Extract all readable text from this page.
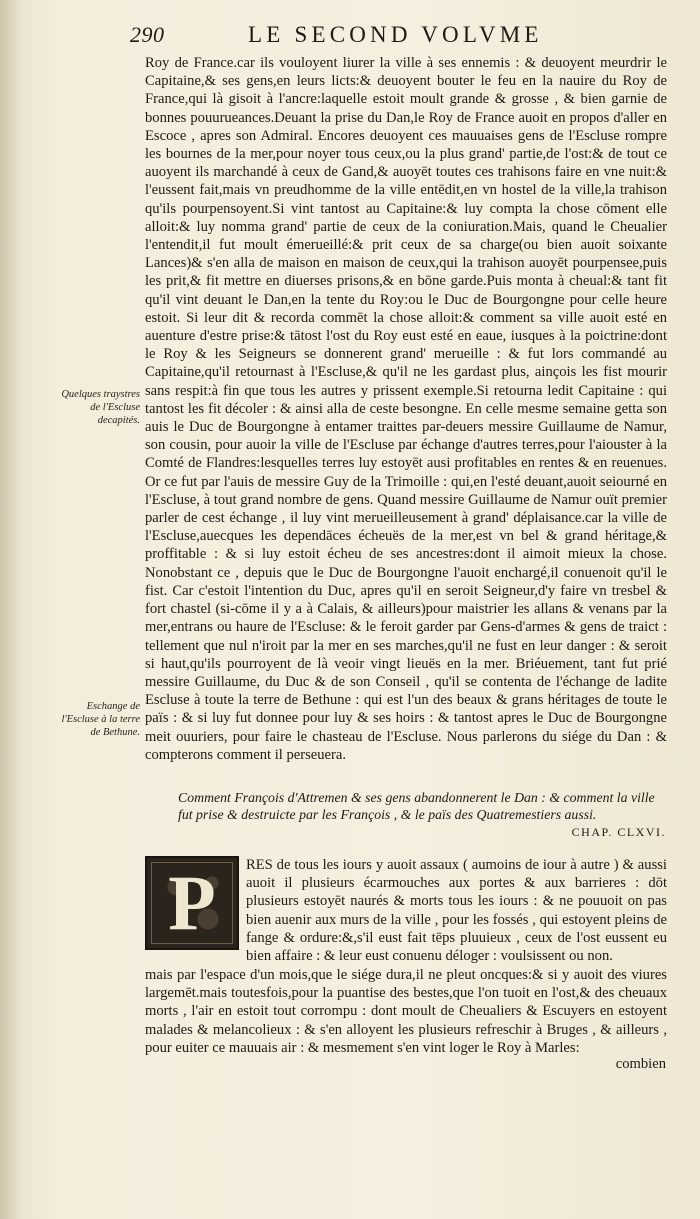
290	LE SECOND VOLVME

Roy de France.car ils vouloyent liurer la ville à ses ennemis : & deuoyent meurdrir le Capitaine,& ses gens,en leurs licts:& deuoyent bouter le feu en la nauire du Roy de France,qui là gisoit à l'ancre:laquelle estoit moult grande & grosse , & bien garnie de bonnes pouurueances.Deuant la prise du Dan,le Roy de France auoit en propos d'aller en Escoce , apres son Admiral. Encores deuoyent ces mauuaises gens de l'Escluse rompre les bournes de la mer,pour noyer tous ceux,ou la plus grand' partie,de l'ost:& de tout ce auoyent ils marchandé à ceux de Gand,& auoyēt toutes ces trahisons faire en vne nuit:& l'eussent fait,mais vn preudhomme de la ville entēdit,en vn hostel de la ville,la trahison qu'ils pourpensoyent.Si vint tantost au Capitaine:& luy compta la chose cōment elle alloit:& luy nomma grand' partie de ceux de la coniuration.Mais, quand le Cheualier l'entendit,il fut moult émerueillé:& prit ceux de sa charge(ou bien auoit soixante Lances)& s'en alla de maison en maison de ceux,qui la trahison auoyēt pourpensee,puis les prit,& fit mettre en diuerses prisons,& en bōne garde.Puis monta à cheual:& tant fit qu'il vint deuant le Dan,en la tente du Roy:ou le Duc de Bourgongne pour celle heure estoit. Si leur dit & recorda commēt la chose alloit:& comment sa ville auoit esté en auenture d'estre prise:& tātost l'ost du Roy eust esté en eaue, iusques à la poictrine:dont le Roy & les Seigneurs se donnerent grand' merueille : & fut lors commandé au Capitaine,qu'il retournast à l'Escluse,& qu'il ne les gardast plus, ainçois les fist mourir sans respit:à fin que tous les autres y prissent exemple.Si retourna ledit Capitaine : qui tantost les fit décoler : & ainsi alla de ceste besongne. En celle mesme semaine getta son auis le Duc de Bourgongne à entamer traittes par-deuers messire Guillaume de Namur, son cousin, pour auoir la ville de l'Escluse par échange d'autres terres,pour l'aiouster à la Comté de Flandres:lesquelles terres luy estoyēt ausi profitables en rentes & en reuenues. Or ce fut par l'auis de messire Guy de la Trimoille : qui,en l'esté deuant,auoit seiourné en l'Escluse, à tout grand nombre de gens. Quand messire Guillaume de Namur ouït premier parler de cest échange , il luy vint merueilleusement à grand' déplaisance.car la ville de l'Escluse,auecques les dependāces écheuës de la mer,est vn bel & grand héritage,& proffitable : & si luy estoit écheu de ses ancestres:dont il aimoit mieux la chose. Nonobstant ce , depuis que le Duc de Bourgongne l'auoit enchargé,il conuenoit qu'il le fist. Car c'estoit l'intention du Duc, apres qu'il en seroit Seigneur,d'y faire vn tresbel & fort chastel (si-cōme il y a à Calais, & ailleurs)pour maistrier les allans & venans par la mer,entrans ou haure de l'Escluse: & le feroit garder par Gens-d'armes & gens de traict : tellement que nul n'iroit par la mer en ses marches,qu'il ne fust en leur danger : & seroit si haut,qu'ils pourroyent de là veoir vingt lieuës en la mer. Briéuement, tant fut prié messire Guillaume, du Duc & de son Conseil , qu'il se contenta de l'échange de ladite Escluse à toute la terre de Bethune : qui est l'un des beaux & grans héritages de toute le païs : & si luy fut donnee pour luy & ses hoirs : & tantost apres le Duc de Bourgongne meit ouuriers, pour faire le chasteau de l'Escluse. Nous parlerons du siége du Dan : & compterons comment il perseuera.

Quelques traystres de l'Escluse decapités.
Eschange de l'Escluse à la terre de Bethune.
Comment François d'Attremen & ses gens abandonnerent le Dan : & comment la ville fut prise & destruicte par les François , & le païs des Quatremestiers aussi.
CHAP. CLXVI.
P RES de tous les iours y auoit assaux ( aumoins de iour à autre ) & aussi auoit il plusieurs écarmouches aux portes & aux barrieres : dōt plusieurs estoyēt naurés & morts tous les iours : & ne pouuoit on pas bien auenir aux murs de la ville , pour les fossés , qui estoyent pleins de fange & ordure:&,s'il eust fait tēps pluuieux , ceux de l'ost eussent eu bien affaire : & leur eust conuenu déloger : voulsissent ou non.

mais par l'espace d'un mois,que le siége dura,il ne pleut oncques:& si y auoit des viures largemēt.mais toutesfois,pour la puantise des bestes,que l'on tuoit en l'ost,& des cheuaux morts , l'air en estoit tout corrompu : dont moult de Cheualiers & Escuyers en estoyent malades & melancolieux : & s'en alloyent les plusieurs refreschir à Bruges , & ailleurs , pour euiter ce mauuais air : & mesmement s'en vint loger le Roy à Marles:

combien
